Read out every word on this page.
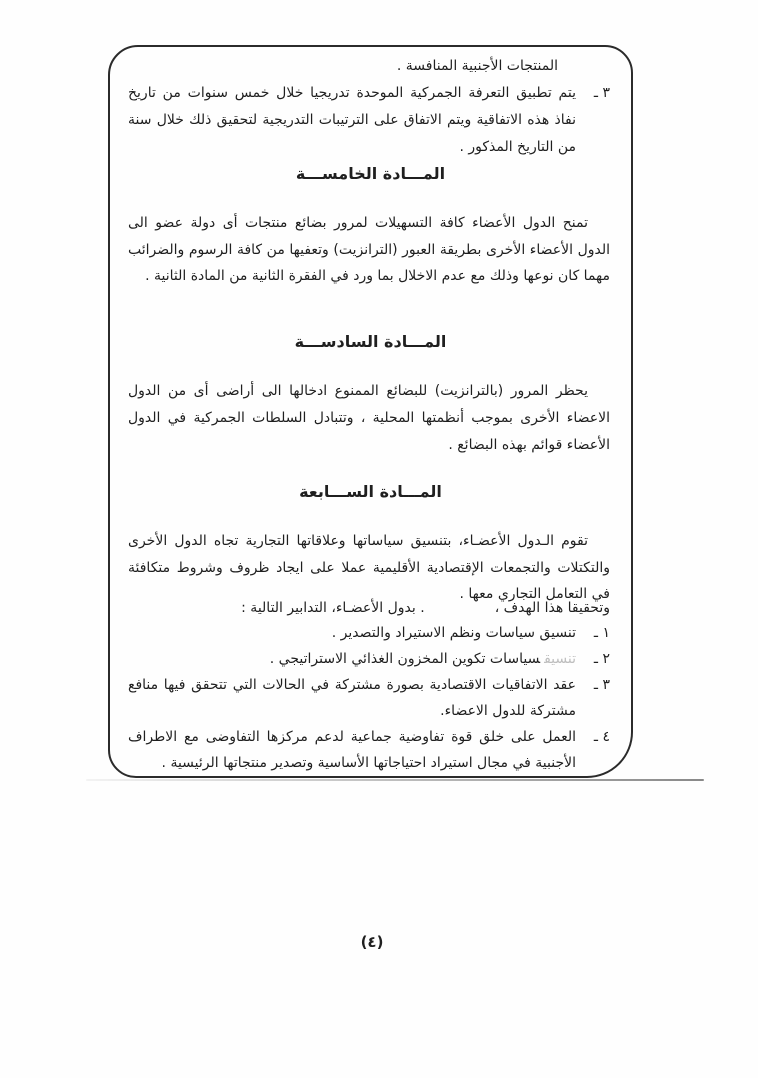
المنتجات الأجنبية المنافسة .
٣ ـ
يتم تطبيق التعرفة الجمركية الموحدة تدريجيا خلال خمس سنوات من تاريخ نفاذ هذه الاتفاقية ويتم الاتفاق على الترتيبات التدريجية لتحقيق ذلك خلال سنة من التاريخ المذكور .
المـــادة الخامســـة

تمنح الدول الأعضاء كافة التسهيلات لمرور بضائع منتجات أى دولة عضو الى الدول الأعضاء الأخرى بطريقة العبور (الترانزيت) وتعفيها من كافة الرسوم والضرائب مهما كان نوعها وذلك مع عدم الاخلال بما ورد في الفقرة الثانية من المادة الثانية .

المـــادة السادســـة

يحظر المرور (بالترانزيت) للبضائع الممنوع ادخالها الى أراضى أى من الدول الاعضاء الأخرى بموجب أنظمتها المحلية ، وتتبادل السلطات الجمركية في الدول الأعضاء قوائم بهذه البضائع .

المـــادة الســـابعة

تقوم الـدول الأعضـاء، بتنسيق سياساتها وعلاقاتها التجارية تجاه الدول الأخرى والتكتلات والتجمعات الإقتصادية الأقليمية عملا على ايجاد ظروف وشروط متكافئة في التعامل التجاري معها .

وتحقيقا هذا الهدف ،
. بدول الأعضـاء، التدابير التالية :
١ ـ
تنسيق سياسات ونظم الاستيراد والتصدير .
٢ ـ
تنسيقسياسات تكوين المخزون الغذائي الاستراتيجي .
٣ ـ
عقد الاتفاقيات الاقتصادية بصورة مشتركة في الحالات التي تتحقق فيها منافع مشتركة للدول الاعضاء.
٤ ـ
العمل على خلق قوة تفاوضية جماعية لدعم مركزها التفاوضى مع الاطراف الأجنبية في مجال استيراد احتياجاتها الأساسية وتصدير منتجاتها الرئيسية .
(٤)
